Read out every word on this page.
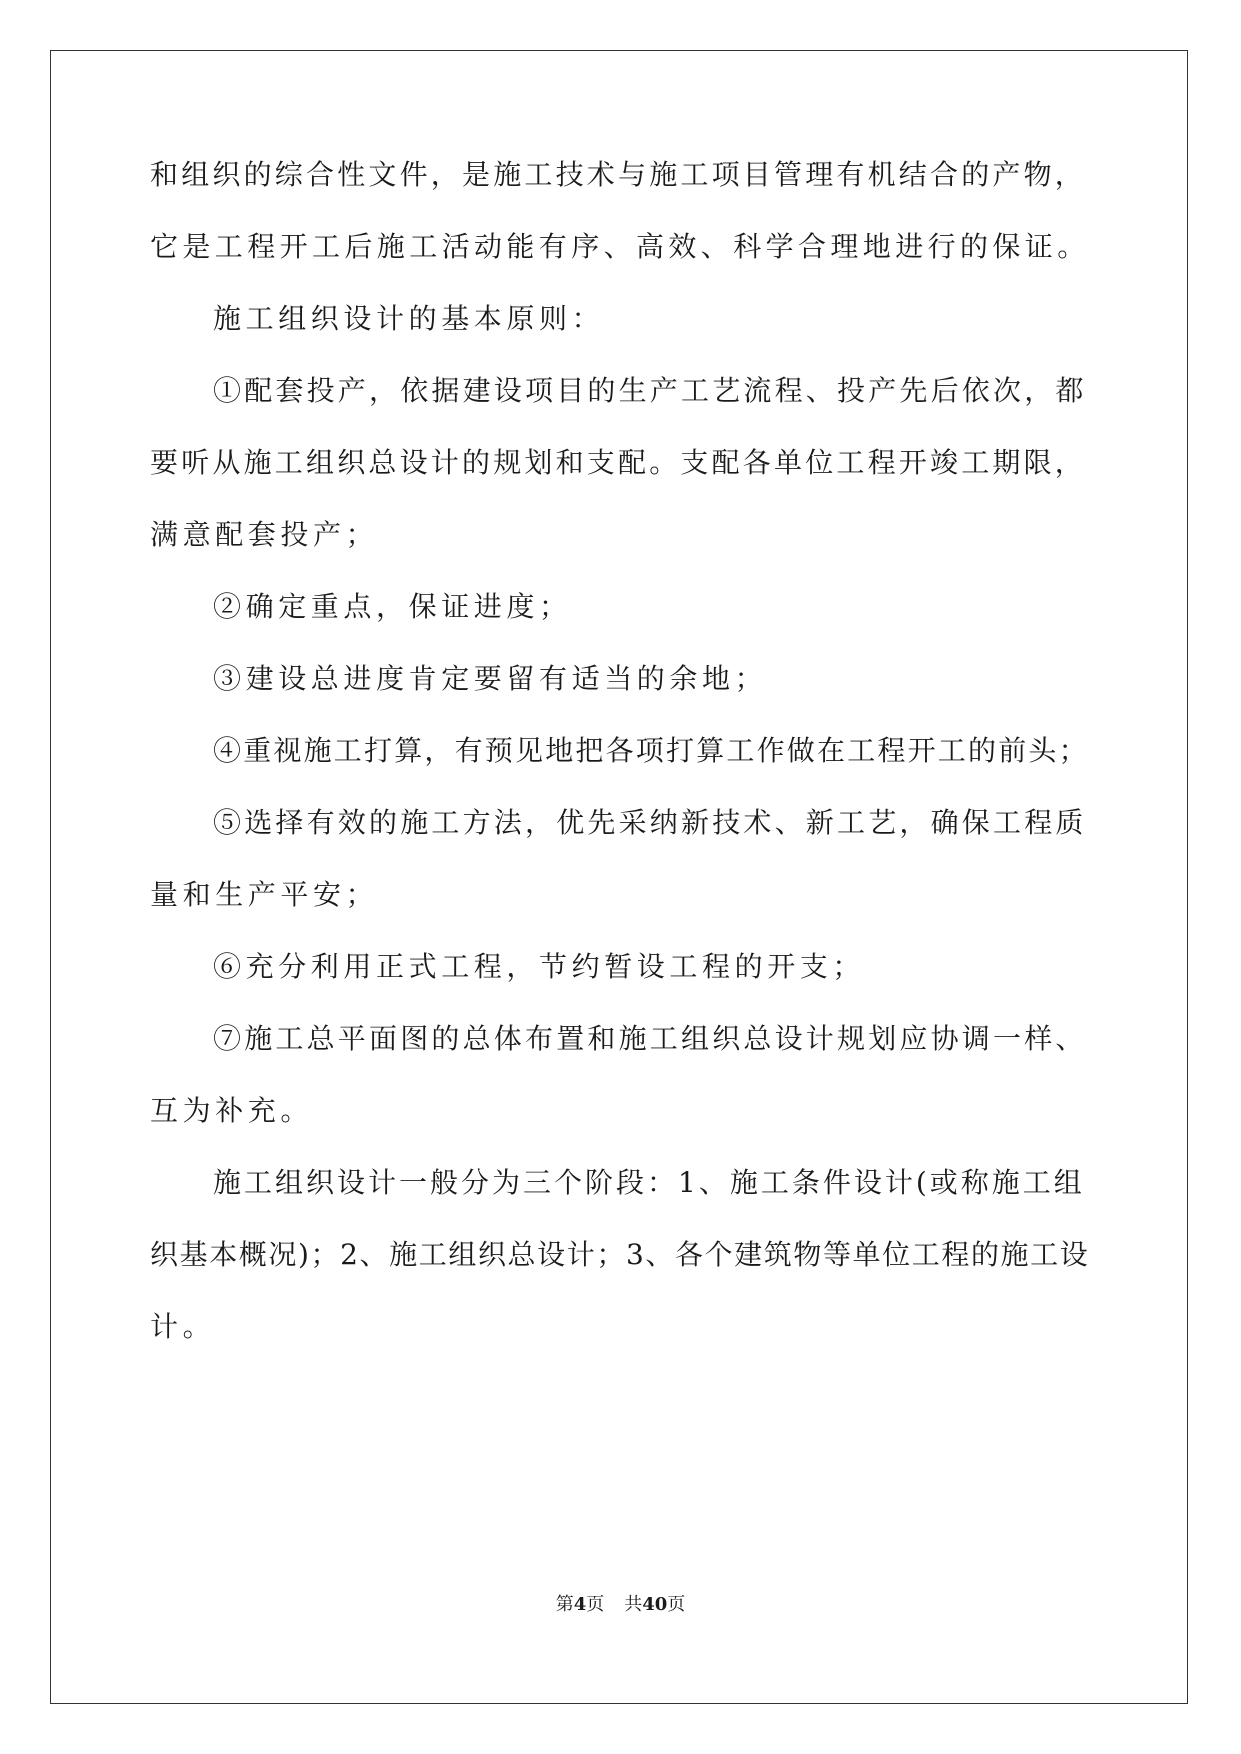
和组织的综合性文件，是施工技术与施工项目管理有机结合的产物，
它是工程开工后施工活动能有序、高效、科学合理地进行的保证。
施工组织设计的基本原则：
①配套投产，依据建设项目的生产工艺流程、投产先后依次，都
要听从施工组织总设计的规划和支配。支配各单位工程开竣工期限，
满意配套投产；
②确定重点，保证进度；
③建设总进度肯定要留有适当的余地；
④重视施工打算，有预见地把各项打算工作做在工程开工的前头；
⑤选择有效的施工方法，优先采纳新技术、新工艺，确保工程质
量和生产平安；
⑥充分利用正式工程，节约暂设工程的开支；
⑦施工总平面图的总体布置和施工组织总设计规划应协调一样、
互为补充。
施工组织设计一般分为三个阶段：1、施工条件设计(或称施工组
织基本概况)；2、施工组织总设计；3、各个建筑物等单位工程的施工设
计。
第4页 共40页
